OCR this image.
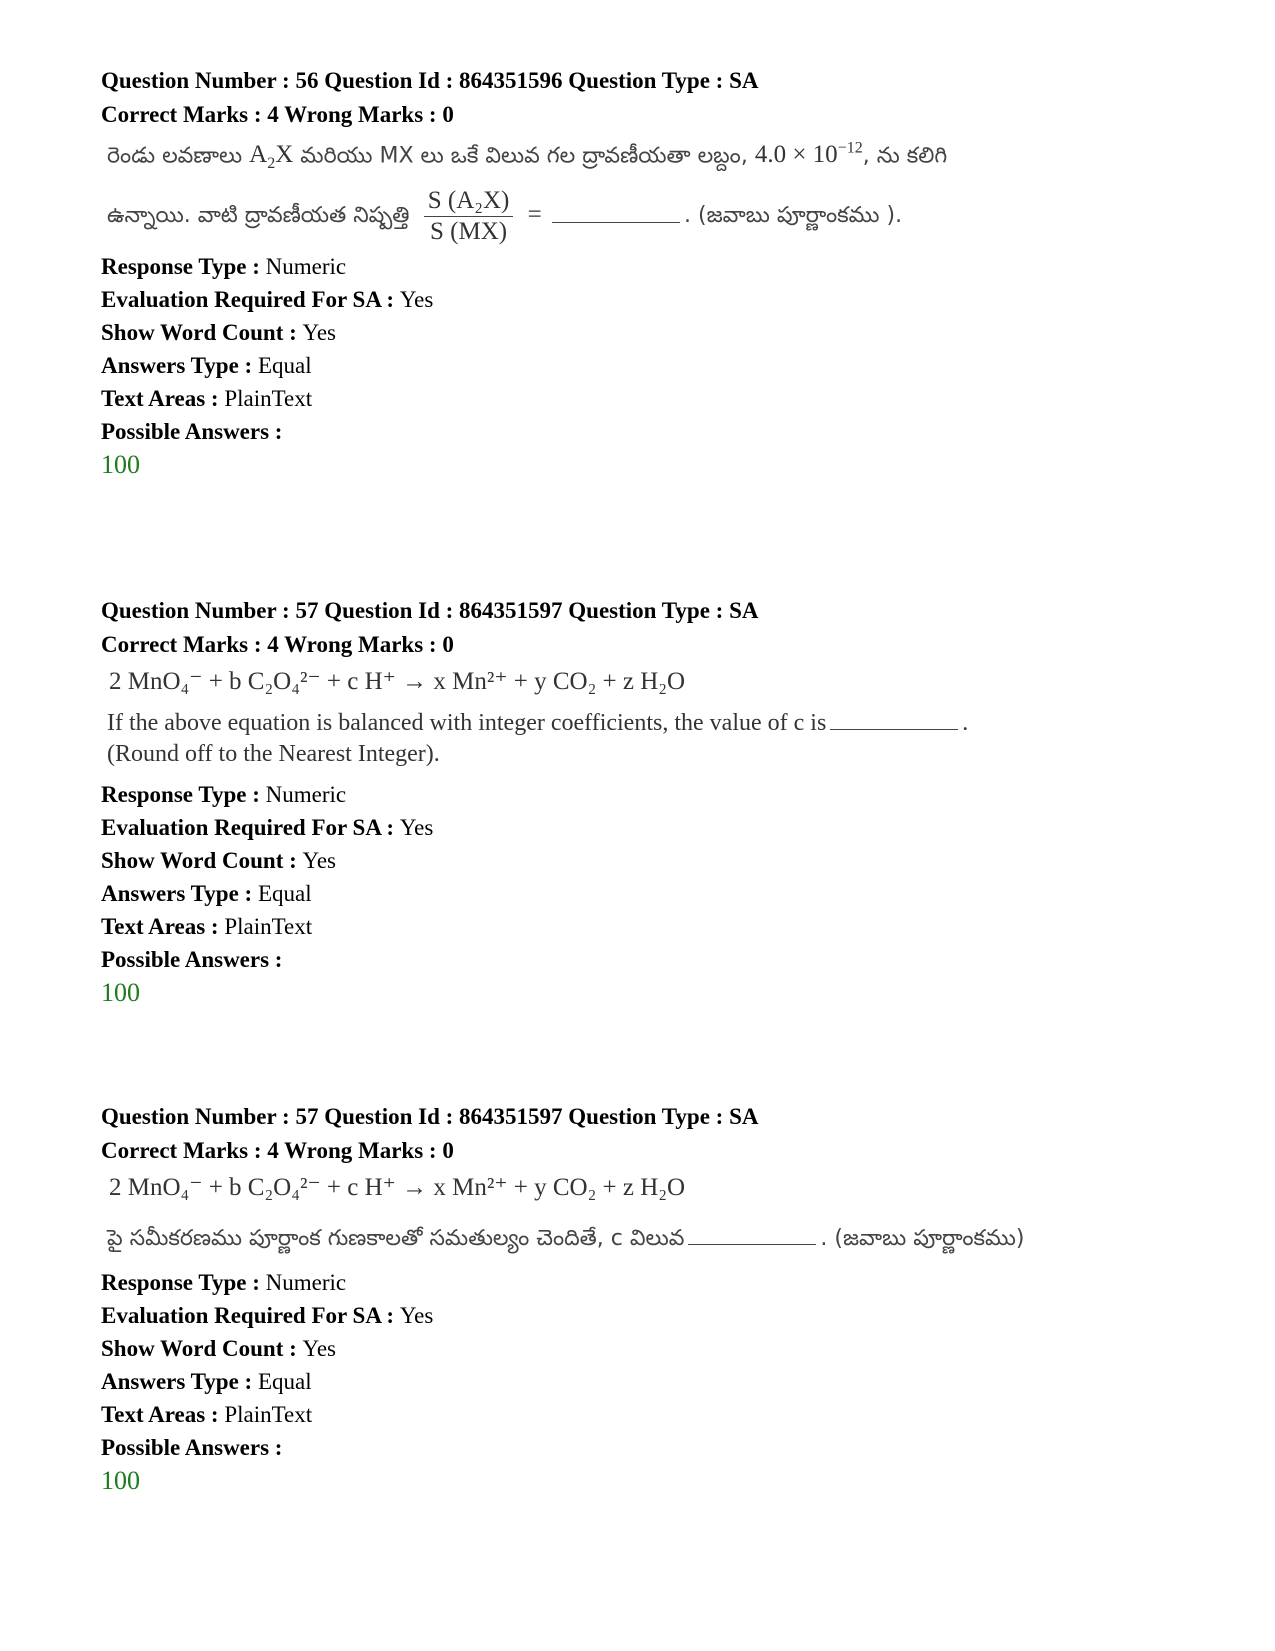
Question Number : 56 Question Id : 864351596 Question Type : SA
Correct Marks : 4 Wrong Marks : 0
రెండు లవణాలు $A_2X$ మరియు MX లు ఒకే విలువ గల ద్రావణీయతా లబ్దం, $4.0 \times 10^{-12}$, ను కలిగి
ఉన్నాయి. వాటి ద్రావణీయత నిష్పత్తి $\frac{\text{S (A₂X)}}{S (MX)}$ =	. (జవాబు పూర్ణాంకము ).
Response Type : Numeric
Evaluation Required For SA : Yes
Show Word Count : Yes
Answers Type : Equal
Text Areas : PlainText
Possible Answers :
100
Question Number : 57 Question Id : 864351597 Question Type : SA
Correct Marks : 4 Wrong Marks : 0
2 MnO₄⁻ + b C₂O₄²⁻ + c H⁺ → x Mn²⁺ + y CO₂ + z H₂O
If the above equation is balanced with integer coefficients, the value of c is	.
(Round off to the Nearest Integer).
Response Type : Numeric
Evaluation Required For SA : Yes
Show Word Count : Yes
Answers Type : Equal
Text Areas : PlainText
Possible Answers :
100
Question Number : 57 Question Id : 864351597 Question Type : SA
Correct Marks : 4 Wrong Marks : 0
2 MnO₄⁻ + b C₂O₄²⁻ + c H⁺ → x Mn²⁺ + y CO₂ + z H₂O
పై సమీకరణము పూర్ణాంక గుణకాలతో సమతుల్యం చెందితే, c విలువ	. (జవాబు పూర్ణాంకము)
Response Type : Numeric
Evaluation Required For SA : Yes
Show Word Count : Yes
Answers Type : Equal
Text Areas : PlainText
Possible Answers :
100
